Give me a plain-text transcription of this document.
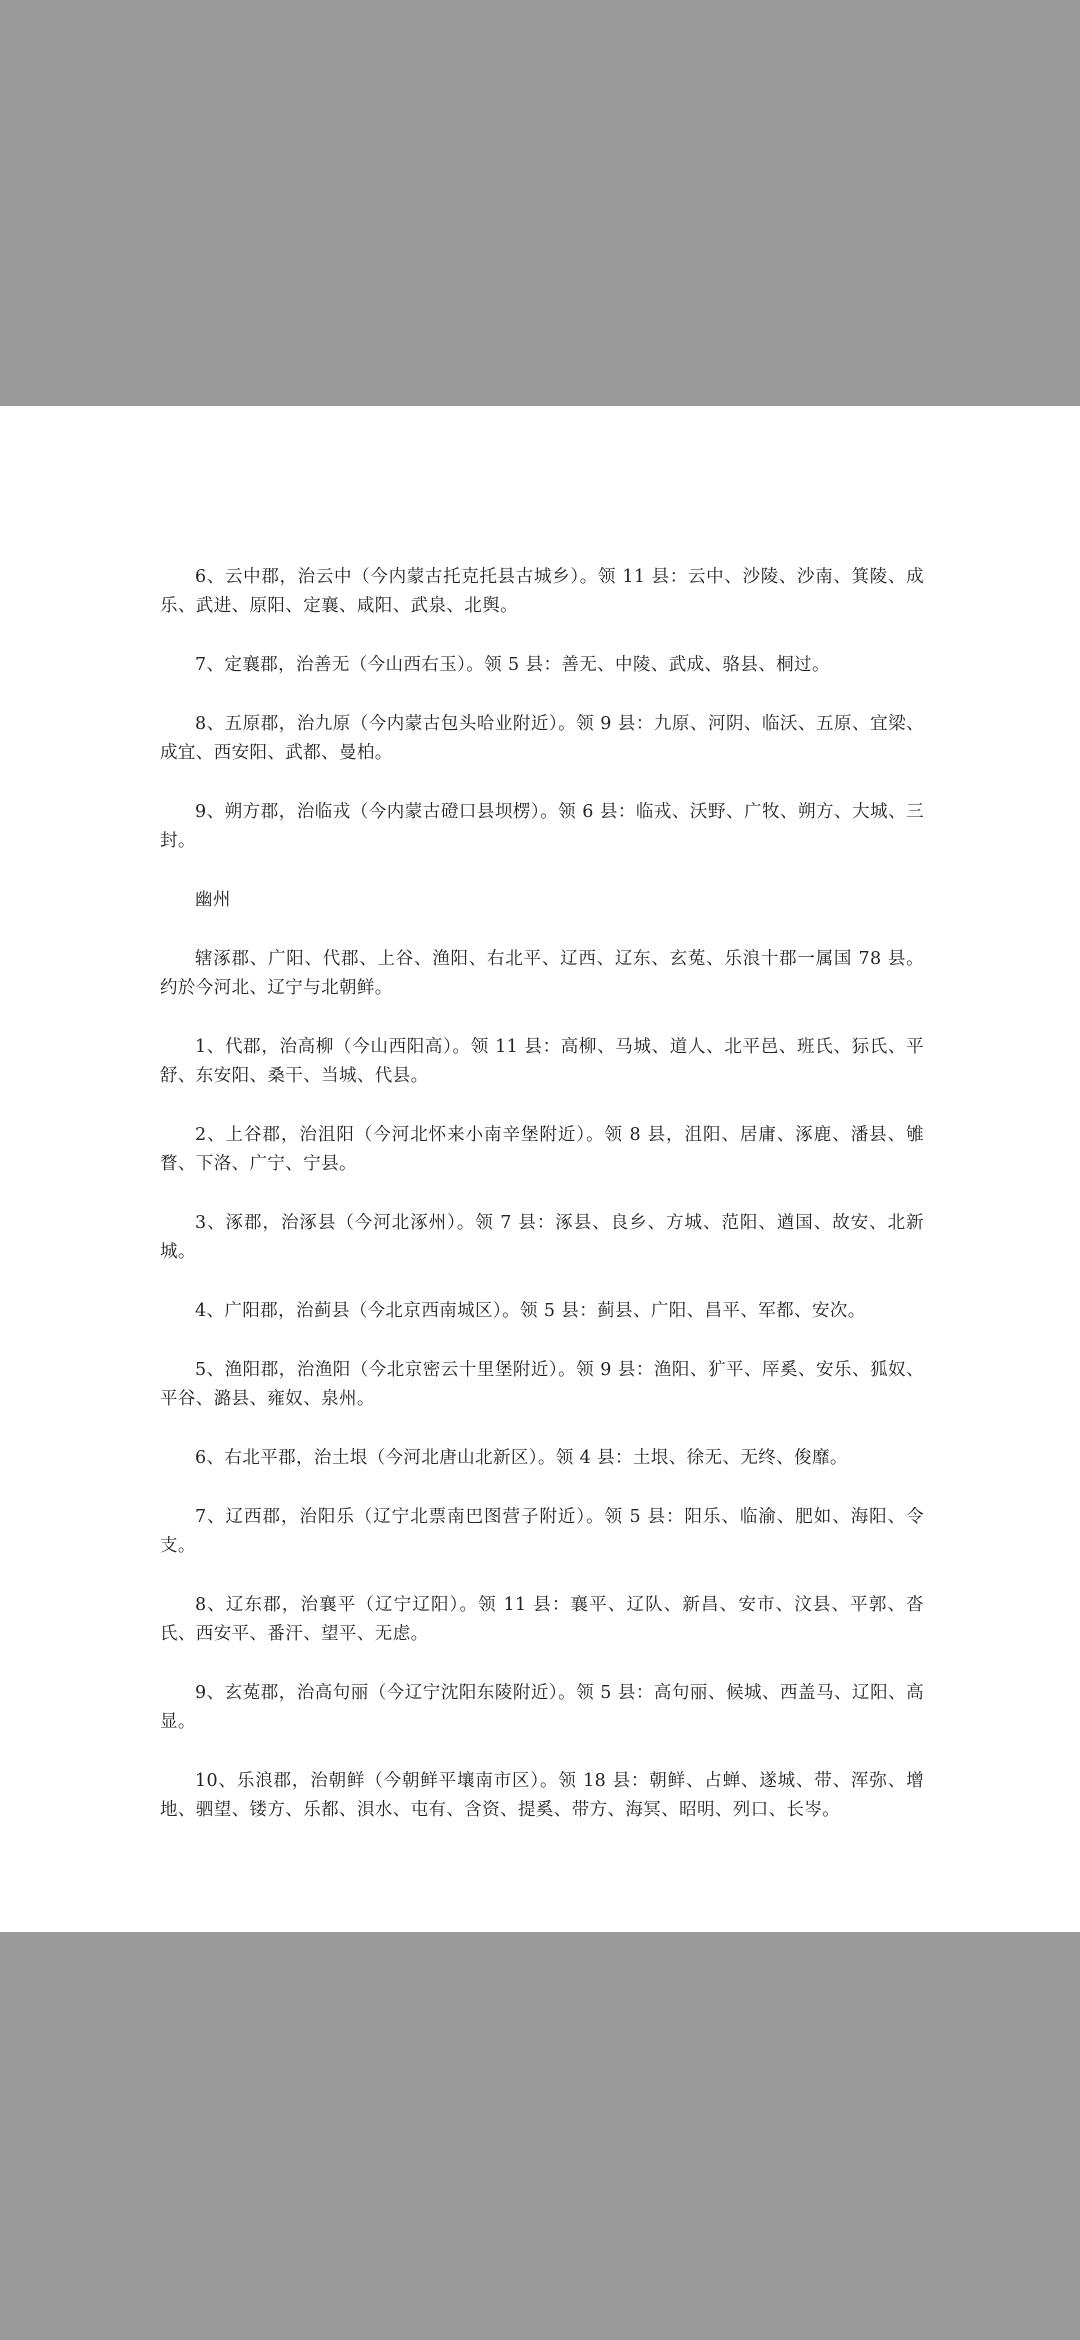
6、云中郡，治云中（今内蒙古托克托县古城乡）。领 11 县：云中、沙陵、沙南、箕陵、成乐、武进、原阳、定襄、咸阳、武泉、北舆。

7、定襄郡，治善无（今山西右玉）。领 5 县：善无、中陵、武成、骆县、桐过。

8、五原郡，治九原（今内蒙古包头哈业附近）。领 9 县：九原、河阴、临沃、五原、宜梁、成宜、西安阳、武都、曼柏。

9、朔方郡，治临戎（今内蒙古磴口县坝楞）。领 6 县：临戎、沃野、广牧、朔方、大城、三封。

幽州

辖涿郡、广阳、代郡、上谷、渔阳、右北平、辽西、辽东、玄菟、乐浪十郡一属国 78 县。约於今河北、辽宁与北朝鲜。

1、代郡，治高柳（今山西阳高）。领 11 县：高柳、马城、道人、北平邑、班氏、狋氏、平舒、东安阳、桑干、当城、代县。

2、上谷郡，治沮阳（今河北怀来小南辛堡附近）。领 8 县，沮阳、居庸、涿鹿、潘县、雊瞀、下洛、广宁、宁县。

3、涿郡，治涿县（今河北涿州）。领 7 县：涿县、良乡、方城、范阳、遒国、故安、北新城。

4、广阳郡，治蓟县（今北京西南城区）。领 5 县：蓟县、广阳、昌平、军都、安次。

5、渔阳郡，治渔阳（今北京密云十里堡附近）。领 9 县：渔阳、犷平、厗奚、安乐、狐奴、平谷、潞县、雍奴、泉州。

6、右北平郡，治土垠（今河北唐山北新区）。领 4 县：土垠、徐无、无终、俊靡。

7、辽西郡，治阳乐（辽宁北票南巴图营子附近）。领 5 县：阳乐、临渝、肥如、海阳、令支。

8、辽东郡，治襄平（辽宁辽阳）。领 11 县：襄平、辽队、新昌、安市、汶县、平郭、沓氏、西安平、番汗、望平、无虑。

9、玄菟郡，治高句丽（今辽宁沈阳东陵附近）。领 5 县：高句丽、候城、西盖马、辽阳、高显。

10、乐浪郡，治朝鲜（今朝鲜平壤南市区）。领 18 县：朝鲜、占蝉、遂城、带、浑弥、增地、驷望、镂方、乐都、浿水、屯有、含资、提奚、带方、海冥、昭明、列口、长岑。
